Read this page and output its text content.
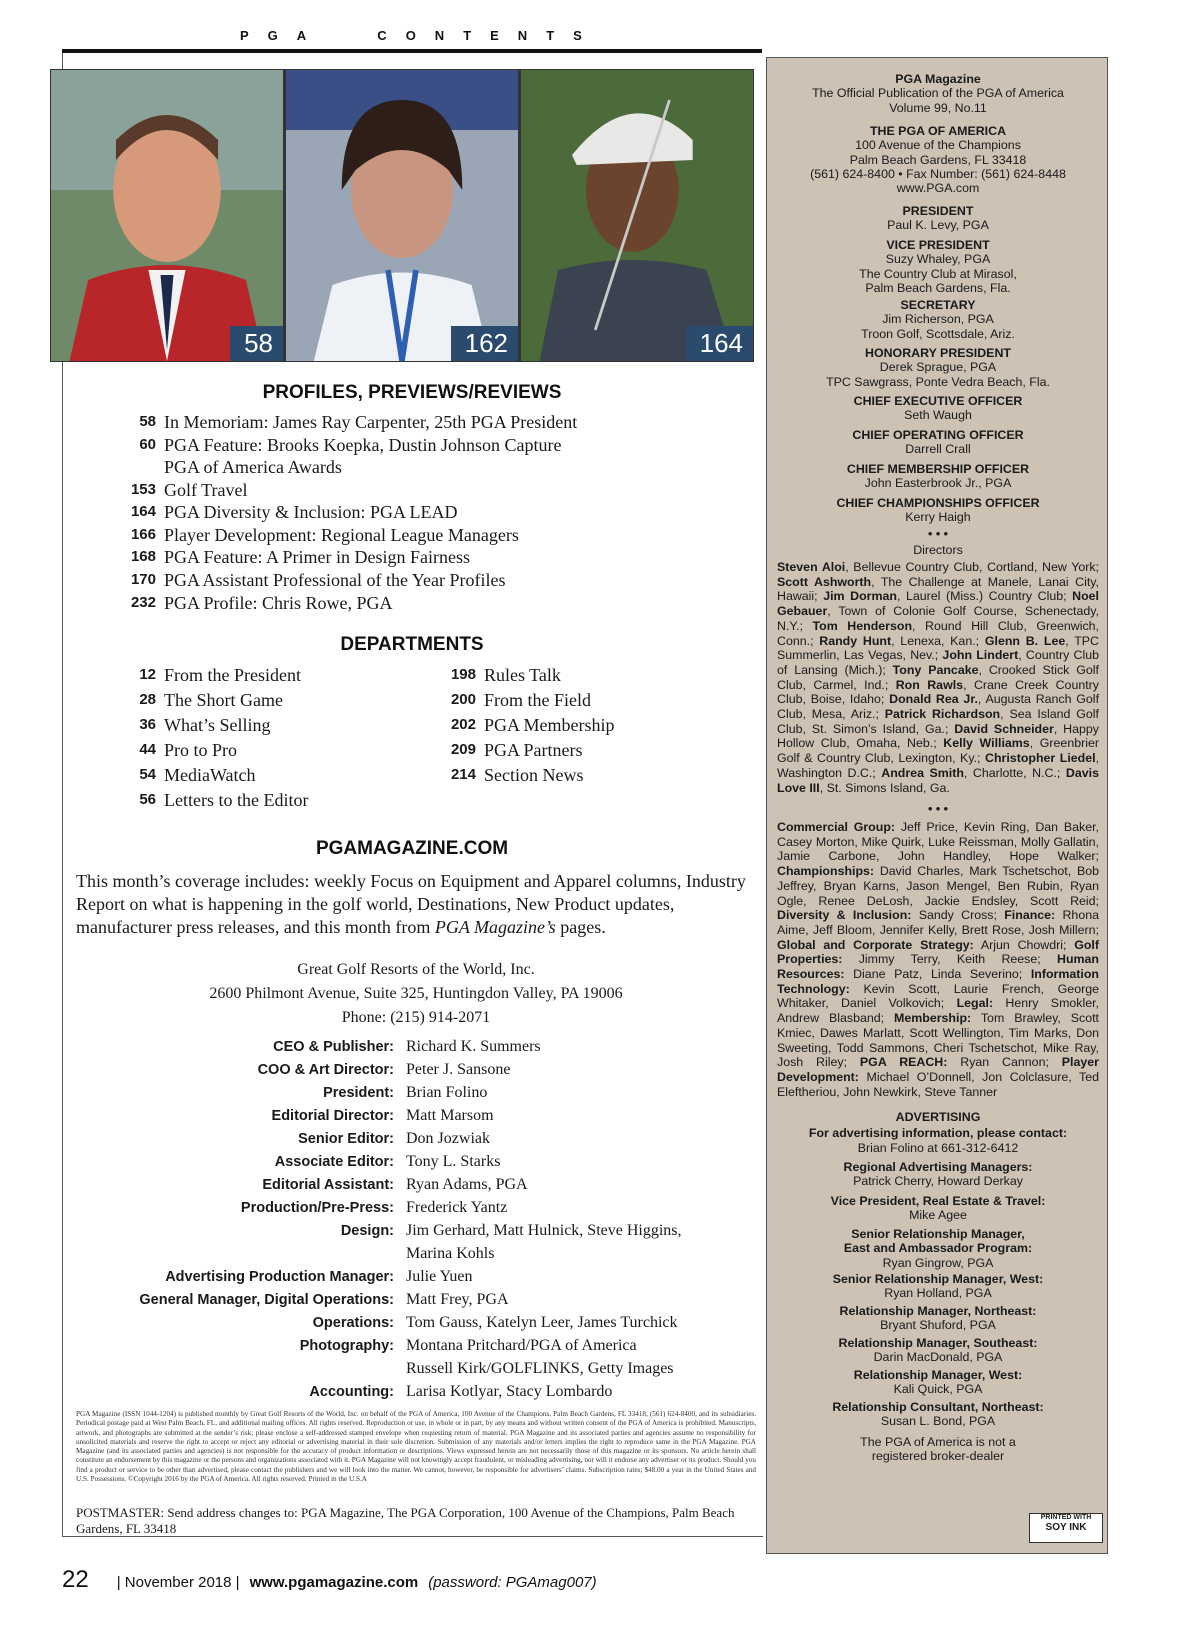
PGA CONTENTS
58	162	164
PROFILES, PREVIEWS/REVIEWS
58 In Memoriam: James Ray Carpenter, 25th PGA President
60 PGA Feature: Brooks Koepka, Dustin Johnson Capture
PGA of America Awards
153 Golf Travel
164 PGA Diversity & Inclusion: PGA LEAD
166 Player Development: Regional League Managers
168 PGA Feature: A Primer in Design Fairness
170 PGA Assistant Professional of the Year Profiles
232 PGA Profile: Chris Rowe, PGA
DEPARTMENTS
12 From the President
28 The Short Game
36 What’s Selling
44 Pro to Pro
54 MediaWatch
56 Letters to the Editor
198 Rules Talk
200 From the Field
202 PGA Membership
209 PGA Partners
214 Section News
PGAMAGAZINE.COM
This month’s coverage includes: weekly Focus on Equipment and Apparel columns, Industry Report on what is happening in the golf world, Destinations, New Product updates, manufacturer press releases, and this month from PGA Magazine’s pages.
Great Golf Resorts of the World, Inc.
2600 Philmont Avenue, Suite 325, Huntingdon Valley, PA 19006
Phone: (215) 914-2071
CEO & Publisher: Richard K. Summers
COO & Art Director: Peter J. Sansone
President: Brian Folino
Editorial Director: Matt Marsom
Senior Editor: Don Jozwiak
Associate Editor: Tony L. Starks
Editorial Assistant: Ryan Adams, PGA
Production/Pre-Press: Frederick Yantz
Design: Jim Gerhard, Matt Hulnick, Steve Higgins,
Marina Kohls
Advertising Production Manager: Julie Yuen
General Manager, Digital Operations: Matt Frey, PGA
Operations: Tom Gauss, Katelyn Leer, James Turchick
Photography: Montana Pritchard/PGA of America
Russell Kirk/GOLFLINKS, Getty Images
Accounting: Larisa Kotlyar, Stacy Lombardo
PGA Magazine (ISSN 1044-1204) is published monthly by Great Golf Resorts of the World, Inc. on behalf of the PGA of America, 100 Avenue of the Champions, Palm Beach Gardens, FL 33418, (561) 624-8400, and its subsidiaries. Periodical postage paid at West Palm Beach, FL, and additional mailing offices. All rights reserved. Reproduction or use, in whole or in part, by any means and without written consent of the PGA of America is prohibited. Manuscripts, artwork, and photographs are submitted at the sender’s risk; please enclose a self-addressed stamped envelope when requesting return of material. PGA Magazine and its associated parties and agencies assume no responsibility for unsolicited materials and reserve the right to accept or reject any editorial or advertising material in their sole discretion. Submission of any materials and/or letters implies the right to reproduce same in the PGA Magazine. PGA Magazine (and its associated parties and agencies) is not responsible for the accuracy of product information or descriptions. Views expressed herein are not necessarily those of this magazine or its sponsors. No article herein shall constitute an endorsement by this magazine or the persons and organizations associated with it. PGA Magazine will not knowingly accept fraudulent, or misleading advertising, nor will it endorse any advertiser or its product. Should you find a product or service to be other than advertised, please contact the publishers and we will look into the matter. We cannot, however, be responsible for advertisers’ claims. Subscription rates; $48.00 a year in the United States and U.S. Possessions. ©Copyright 2016 by the PGA of America. All rights reserved. Printed in the U.S.A
POSTMASTER: Send address changes to: PGA Magazine, The PGA Corporation, 100 Avenue of the Champions, Palm Beach Gardens, FL 33418
22 | November 2018 | www.pgamagazine.com (password: PGAmag007)
PGA Magazine
The Official Publication of the PGA of America
Volume 99, No.11
THE PGA OF AMERICA
100 Avenue of the Champions
Palm Beach Gardens, FL 33418
(561) 624-8400 • Fax Number: (561) 624-8448
www.PGA.com
PRESIDENT
Paul K. Levy, PGA
VICE PRESIDENT
Suzy Whaley, PGA
The Country Club at Mirasol,
Palm Beach Gardens, Fla.
SECRETARY
Jim Richerson, PGA
Troon Golf, Scottsdale, Ariz.
HONORARY PRESIDENT
Derek Sprague, PGA
TPC Sawgrass, Ponte Vedra Beach, Fla.
CHIEF EXECUTIVE OFFICER
Seth Waugh
CHIEF OPERATING OFFICER
Darrell Crall
CHIEF MEMBERSHIP OFFICER
John Easterbrook Jr., PGA
CHIEF CHAMPIONSHIPS OFFICER
Kerry Haigh
• • •
Directors
Steven Aloi, Bellevue Country Club, Cortland, New York; Scott Ashworth, The Challenge at Manele, Lanai City, Hawaii; Jim Dorman, Laurel (Miss.) Country Club; Noel Gebauer, Town of Colonie Golf Course, Schenectady, N.Y.; Tom Henderson, Round Hill Club, Greenwich, Conn.; Randy Hunt, Lenexa, Kan.; Glenn B. Lee, TPC Summerlin, Las Vegas, Nev.; John Lindert, Country Club of Lansing (Mich.); Tony Pancake, Crooked Stick Golf Club, Carmel, Ind.; Ron Rawls, Crane Creek Country Club, Boise, Idaho; Donald Rea Jr., Augusta Ranch Golf Club, Mesa, Ariz.; Patrick Richardson, Sea Island Golf Club, St. Simon’s Island, Ga.; David Schneider, Happy Hollow Club, Omaha, Neb.; Kelly Williams, Greenbrier Golf & Country Club, Lexington, Ky.; Christopher Liedel, Washington D.C.; Andrea Smith, Charlotte, N.C.; Davis Love III, St. Simons Island, Ga.
• • •
Commercial Group: Jeff Price, Kevin Ring, Dan Baker, Casey Morton, Mike Quirk, Luke Reissman, Molly Gallatin, Jamie Carbone, John Handley, Hope Walker; Championships: David Charles, Mark Tschetschot, Bob Jeffrey, Bryan Karns, Jason Mengel, Ben Rubin, Ryan Ogle, Renee DeLosh, Jackie Endsley, Scott Reid; Diversity & Inclusion: Sandy Cross; Finance: Rhona Aime, Jeff Bloom, Jennifer Kelly, Brett Rose, Josh Millern; Global and Corporate Strategy: Arjun Chowdri; Golf Properties: Jimmy Terry, Keith Reese; Human Resources: Diane Patz, Linda Severino; Information Technology: Kevin Scott, Laurie French, George Whitaker, Daniel Volkovich; Legal: Henry Smokler, Andrew Blasband; Membership: Tom Brawley, Scott Kmiec, Dawes Marlatt, Scott Wellington, Tim Marks, Don Sweeting, Todd Sammons, Cheri Tschetschot, Mike Ray, Josh Riley; PGA REACH: Ryan Cannon; Player Development: Michael O’Donnell, Jon Colclasure, Ted Eleftheriou, John Newkirk, Steve Tanner
ADVERTISING
For advertising information, please contact:
Brian Folino at 661-312-6412
Regional Advertising Managers:
Patrick Cherry, Howard Derkay
Vice President, Real Estate & Travel:
Mike Agee
Senior Relationship Manager,
East and Ambassador Program:
Ryan Gingrow, PGA
Senior Relationship Manager, West:
Ryan Holland, PGA
Relationship Manager, Northeast:
Bryant Shuford, PGA
Relationship Manager, Southeast:
Darin MacDonald, PGA
Relationship Manager, West:
Kali Quick, PGA
Relationship Consultant, Northeast:
Susan L. Bond, PGA
The PGA of America is not a
registered broker-dealer
PRINTED WITH
SOY INK
